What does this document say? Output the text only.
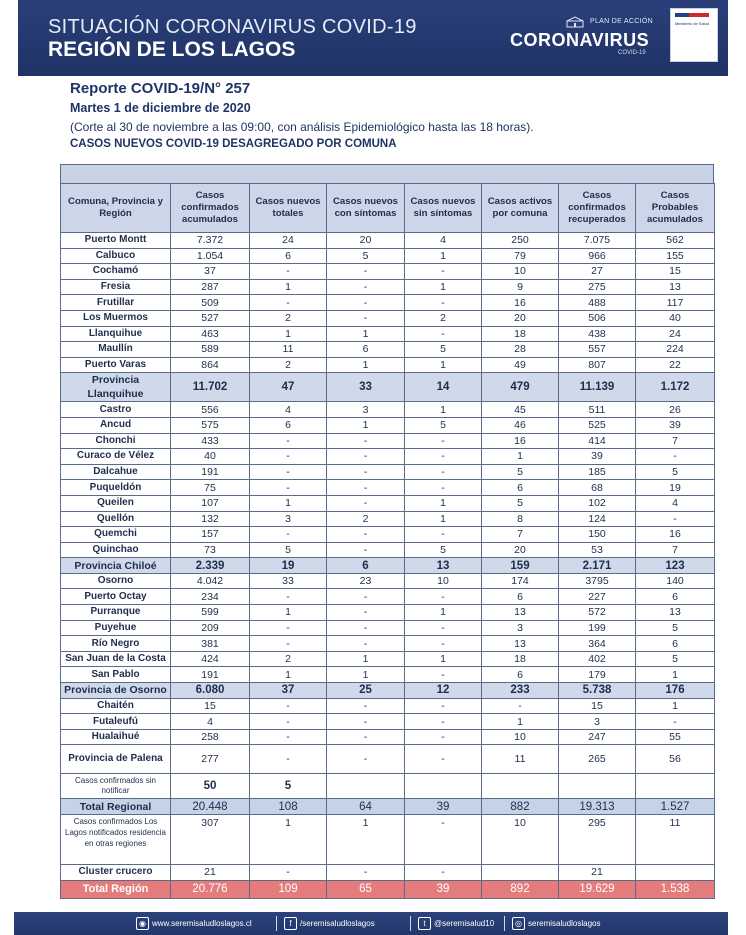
SITUACIÓN CORONAVIRUS COVID-19
REGIÓN DE LOS LAGOS
PLAN DE ACCIÓN
CORONAVIRUS
COVID-19
Ministerio de Salud
Reporte COVID-19/N° 257
Martes 1 de diciembre de 2020
(Corte al 30 de noviembre a las 09:00, con análisis Epidemiológico hasta las 18 horas).
CASOS NUEVOS COVID-19 DESAGREGADO POR COMUNA
Comuna, Provincia y Región	Casos confirmados acumulados	Casos nuevos totales	Casos nuevos con síntomas	Casos nuevos sin síntomas	Casos activos por comuna	Casos confirmados recuperados	Casos Probables acumulados
Puerto Montt	7.372	24	20	4	250	7.075	562
Calbuco	1.054	6	5	1	79	966	155
Cochamó	37	-	-	-	10	27	15
Fresia	287	1	-	1	9	275	13
Frutillar	509	-	-	-	16	488	117
Los Muermos	527	2	-	2	20	506	40
Llanquihue	463	1	1	-	18	438	24
Maullín	589	11	6	5	28	557	224
Puerto Varas	864	2	1	1	49	807	22
Provincia Llanquihue	11.702	47	33	14	479	11.139	1.172
Castro	556	4	3	1	45	511	26
Ancud	575	6	1	5	46	525	39
Chonchi	433	-	-	-	16	414	7
Curaco de Vélez	40	-	-	-	1	39	-
Dalcahue	191	-	-	-	5	185	5
Puqueldón	75	-	-	-	6	68	19
Queilen	107	1	-	1	5	102	4
Quellón	132	3	2	1	8	124	-
Quemchi	157	-	-	-	7	150	16
Quinchao	73	5	-	5	20	53	7
Provincia Chiloé	2.339	19	6	13	159	2.171	123
Osorno	4.042	33	23	10	174	3795	140
Puerto Octay	234	-	-	-	6	227	6
Purranque	599	1	-	1	13	572	13
Puyehue	209	-	-	-	3	199	5
Río Negro	381	-	-	-	13	364	6
San Juan de la Costa	424	2	1	1	18	402	5
San Pablo	191	1	1	-	6	179	1
Provincia de Osorno	6.080	37	25	12	233	5.738	176
Chaitén	15	-	-	-	-	15	1
Futaleufú	4	-	-	-	1	3	-
Hualaihué	258	-	-	-	10	247	55
Provincia de Palena	277	-	-	-	11	265	56
Casos confirmados sin notificar	50	5					
Total Regional	20.448	108	64	39	882	19.313	1.527
Casos confirmados Los Lagos notificados residencia en otras regiones	307	1	1	-	10	295	11
Cluster crucero	21	-	-	-		21	
Total Región	20.776	109	65	39	892	19.629	1.538
◉ www.seremisaludloslagos.cl	f	/seremisaludloslagos	t	@seremisalud10	◎ seremisaludloslagos
